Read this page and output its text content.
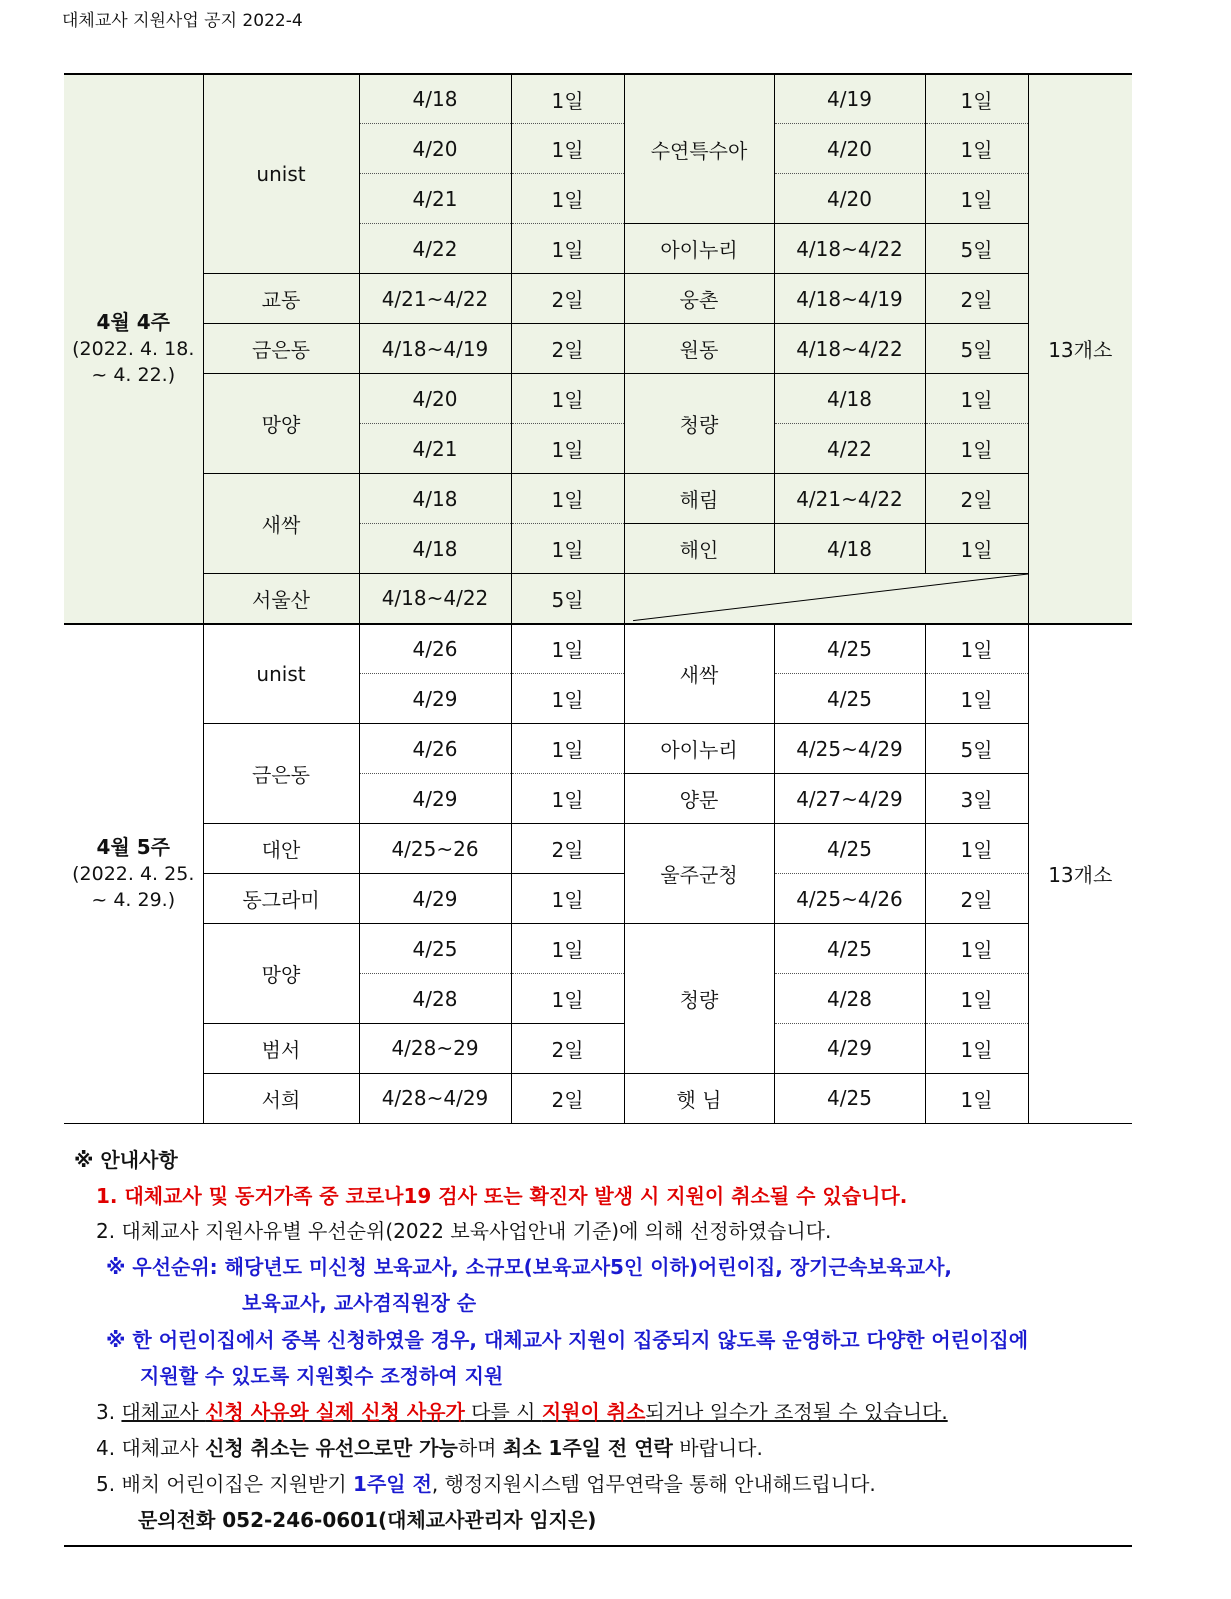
대체교사 지원사업 공지 2022-4
4월 4주
(2022. 4. 18.
~ 4. 22.)	unist	4/18	1일	수연특수아	4/19	1일	13개소
		4/20	1일		4/20	1일	
		4/21	1일		4/20	1일	
		4/22	1일	아이누리	4/18~4/22	5일	
	교동	4/21~4/22	2일	웅촌	4/18~4/19	2일	
	금은동	4/18~4/19	2일	원동	4/18~4/22	5일	
	망양	4/20	1일	청량	4/18	1일	
		4/21	1일		4/22	1일	
	새싹	4/18	1일	해림	4/21~4/22	2일	
		4/18	1일	해인	4/18	1일	
	서울산	4/18~4/22	5일	

4월 5주
(2022. 4. 25.
~ 4. 29.)	unist	4/26	1일	새싹	4/25	1일	13개소
		4/29	1일		4/25	1일	
	금은동	4/26	1일	아이누리	4/25~4/29	5일	
		4/29	1일	양문	4/27~4/29	3일	
	대안	4/25~26	2일	울주군청	4/25	1일	
	동그라미	4/29	1일		4/25~4/26	2일	
	망양	4/25	1일	청량	4/25	1일	
		4/28	1일		4/28	1일	
	범서	4/28~29	2일		4/29	1일	
	서희	4/28~4/29	2일	햇 님	4/25	1일	
※ 안내사항
1. 대체교사 및 동거가족 중 코로나19 검사 또는 확진자 발생 시 지원이 취소될 수 있습니다.
2. 대체교사 지원사유별 우선순위(2022 보육사업안내 기준)에 의해 선정하였습니다.
※ 우선순위: 해당년도 미신청 보육교사, 소규모(보육교사5인 이하)어린이집, 장기근속보육교사,
보육교사, 교사겸직원장 순
※ 한 어린이집에서 중복 신청하였을 경우, 대체교사 지원이 집중되지 않도록 운영하고 다양한 어린이집에
지원할 수 있도록 지원횟수 조정하여 지원
3. 대체교사 신청 사유와 실제 신청 사유가 다를 시 지원이 취소되거나 일수가 조정될 수 있습니다.
4. 대체교사 신청 취소는 유선으로만 가능하며 최소 1주일 전 연락 바랍니다.
5. 배치 어린이집은 지원받기 1주일 전, 행정지원시스템 업무연락을 통해 안내해드립니다.
문의전화 052-246-0601(대체교사관리자 임지은)
